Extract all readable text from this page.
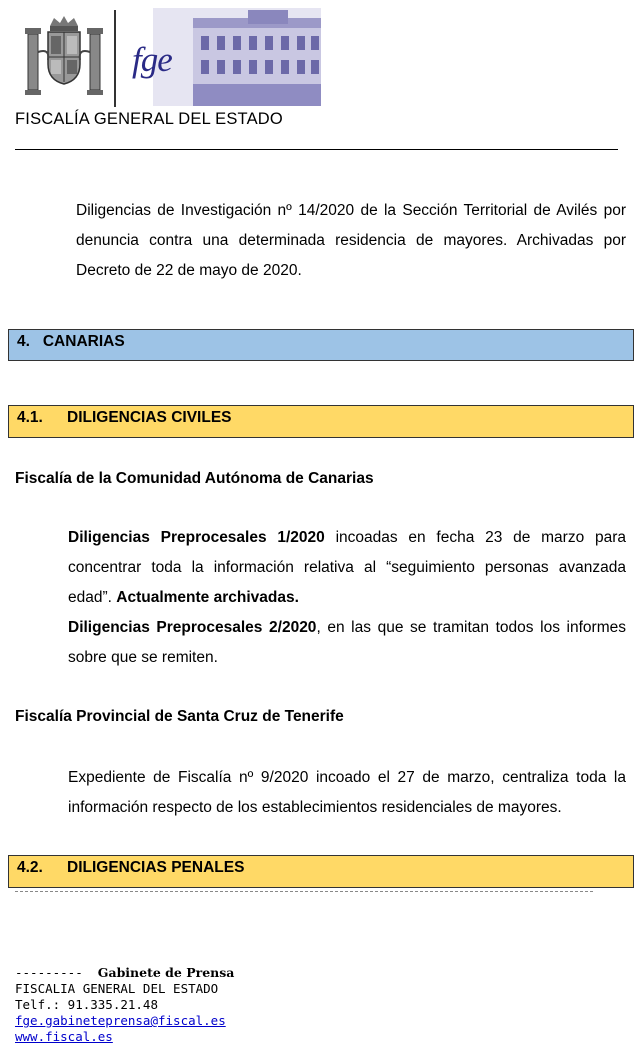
fge
FISCALÍA GENERAL DEL ESTADO
Diligencias de Investigación nº 14/2020 de la Sección Territorial de Avilés por denuncia contra una determinada residencia de mayores. Archivadas por Decreto de 22 de mayo de 2020.
4. CANARIAS
4.1. DILIGENCIAS CIVILES
Fiscalía de la Comunidad Autónoma de Canarias
Diligencias Preprocesales 1/2020 incoadas en fecha 23 de marzo para concentrar toda la información relativa al “seguimiento personas avanzada edad”. Actualmente archivadas.
Diligencias Preprocesales 2/2020, en las que se tramitan todos los informes sobre que se remiten.
Fiscalía Provincial de Santa Cruz de Tenerife
Expediente de Fiscalía nº 9/2020 incoado el 27 de marzo, centraliza toda la información respecto de los establecimientos residenciales de mayores.
4.2. DILIGENCIAS PENALES
--------- Gabinete de Prensa
FISCALIA GENERAL DEL ESTADO
Telf.: 91.335.21.48
fge.gabineteprensa@fiscal.es
www.fiscal.es
